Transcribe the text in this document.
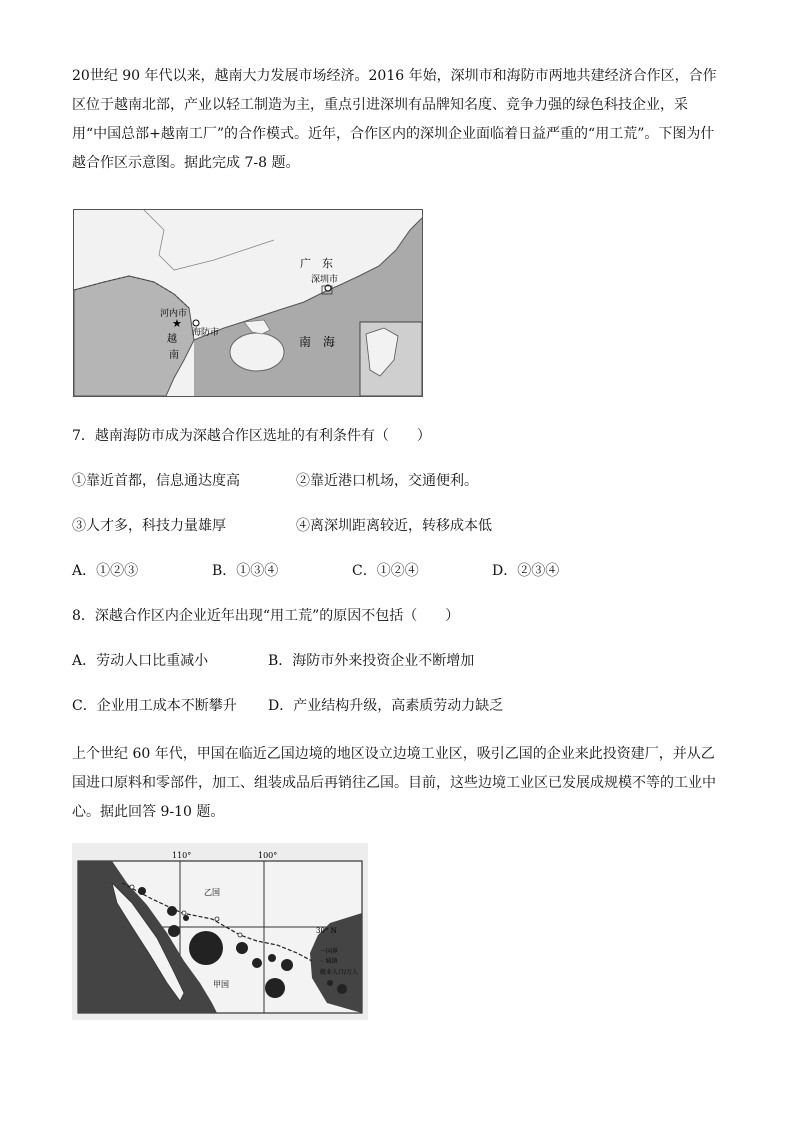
20世纪 90 年代以来，越南大力发展市场经济。2016 年始，深圳市和海防市两地共建经济合作区，合作区位于越南北部，产业以轻工制造为主，重点引进深圳有品牌知名度、竞争力强的绿色科技企业，采用“中国总部+越南工厂”的合作模式。近年，合作区内的深圳企业面临着日益严重的“用工荒”。下图为什越合作区示意图。据此完成 7-8 题。

★
广　东
深圳市
河内市
海防市
越
南
南　海
7．越南海防市成为深越合作区选址的有利条件有（　　）
①靠近首都，信息通达度高	②靠近港口机场，交通便利。
③人才多，科技力量雄厚	④离深圳距离较近，转移成本低
A．①②③	B．①③④	C．①②④	D．②③④
8．深越合作区内企业近年出现“用工荒”的原因不包括（　　）
A．劳动人口比重减小	B．海防市外来投资企业不断增加
C．企业用工成本不断攀升 D．产业结构升级，高素质劳动力缺乏

上个世纪 60 年代，甲国在临近乙国边境的地区设立边境工业区，吸引乙国的企业来此投资建厂，并从乙国进口原料和零部件，加工、组装成品后再销往乙国。目前，这些边境工业区已发展成规模不等的工业中心。据此回答 9-10 题。

110°	100°
30° N
乙国
甲国
一国界
◦ 城镇
就业人口/万人
